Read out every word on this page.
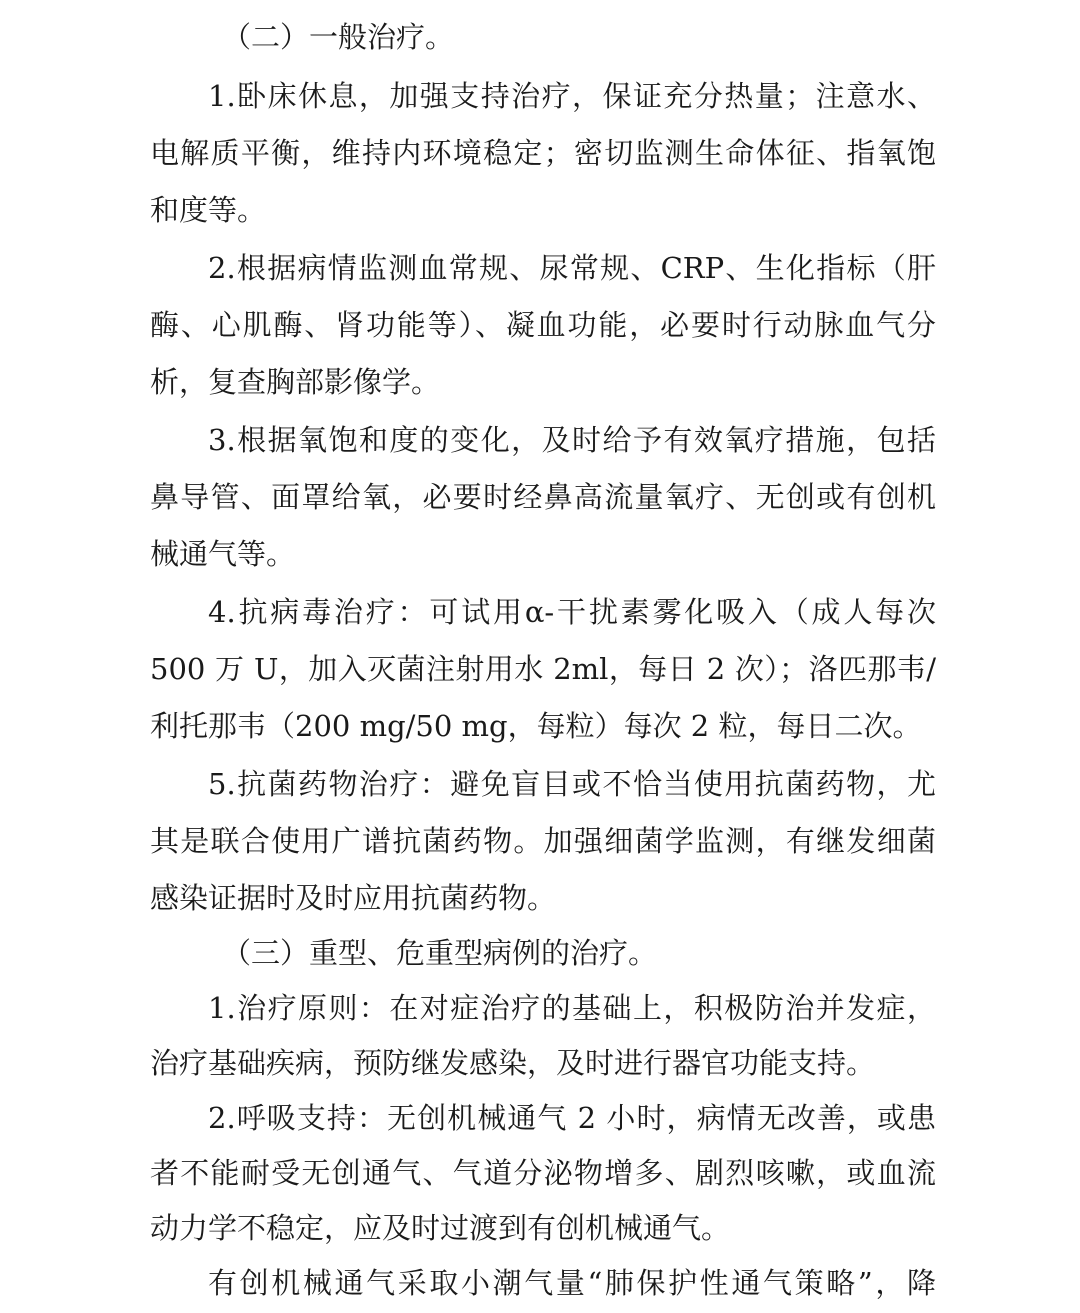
（二）一般治疗。
1.卧床休息，加强支持治疗，保证充分热量；注意水、
电解质平衡，维持内环境稳定；密切监测生命体征、指氧饱
和度等。
2.根据病情监测血常规、尿常规、CRP、生化指标（肝
酶、心肌酶、肾功能等）、凝血功能，必要时行动脉血气分
析，复查胸部影像学。
3.根据氧饱和度的变化，及时给予有效氧疗措施，包括
鼻导管、面罩给氧，必要时经鼻高流量氧疗、无创或有创机
械通气等。
4.抗病毒治疗：可试用α-干扰素雾化吸入（成人每次
500 万 U，加入灭菌注射用水 2ml，每日 2 次）；洛匹那韦/
利托那韦（200 mg/50 mg，每粒）每次 2 粒，每日二次。
5.抗菌药物治疗：避免盲目或不恰当使用抗菌药物，尤
其是联合使用广谱抗菌药物。加强细菌学监测，有继发细菌
感染证据时及时应用抗菌药物。
（三）重型、危重型病例的治疗。
1.治疗原则：在对症治疗的基础上，积极防治并发症，
治疗基础疾病，预防继发感染，及时进行器官功能支持。
2.呼吸支持：无创机械通气 2 小时，病情无改善，或患
者不能耐受无创通气、气道分泌物增多、剧烈咳嗽，或血流
动力学不稳定，应及时过渡到有创机械通气。
有创机械通气采取小潮气量“肺保护性通气策略”，降
